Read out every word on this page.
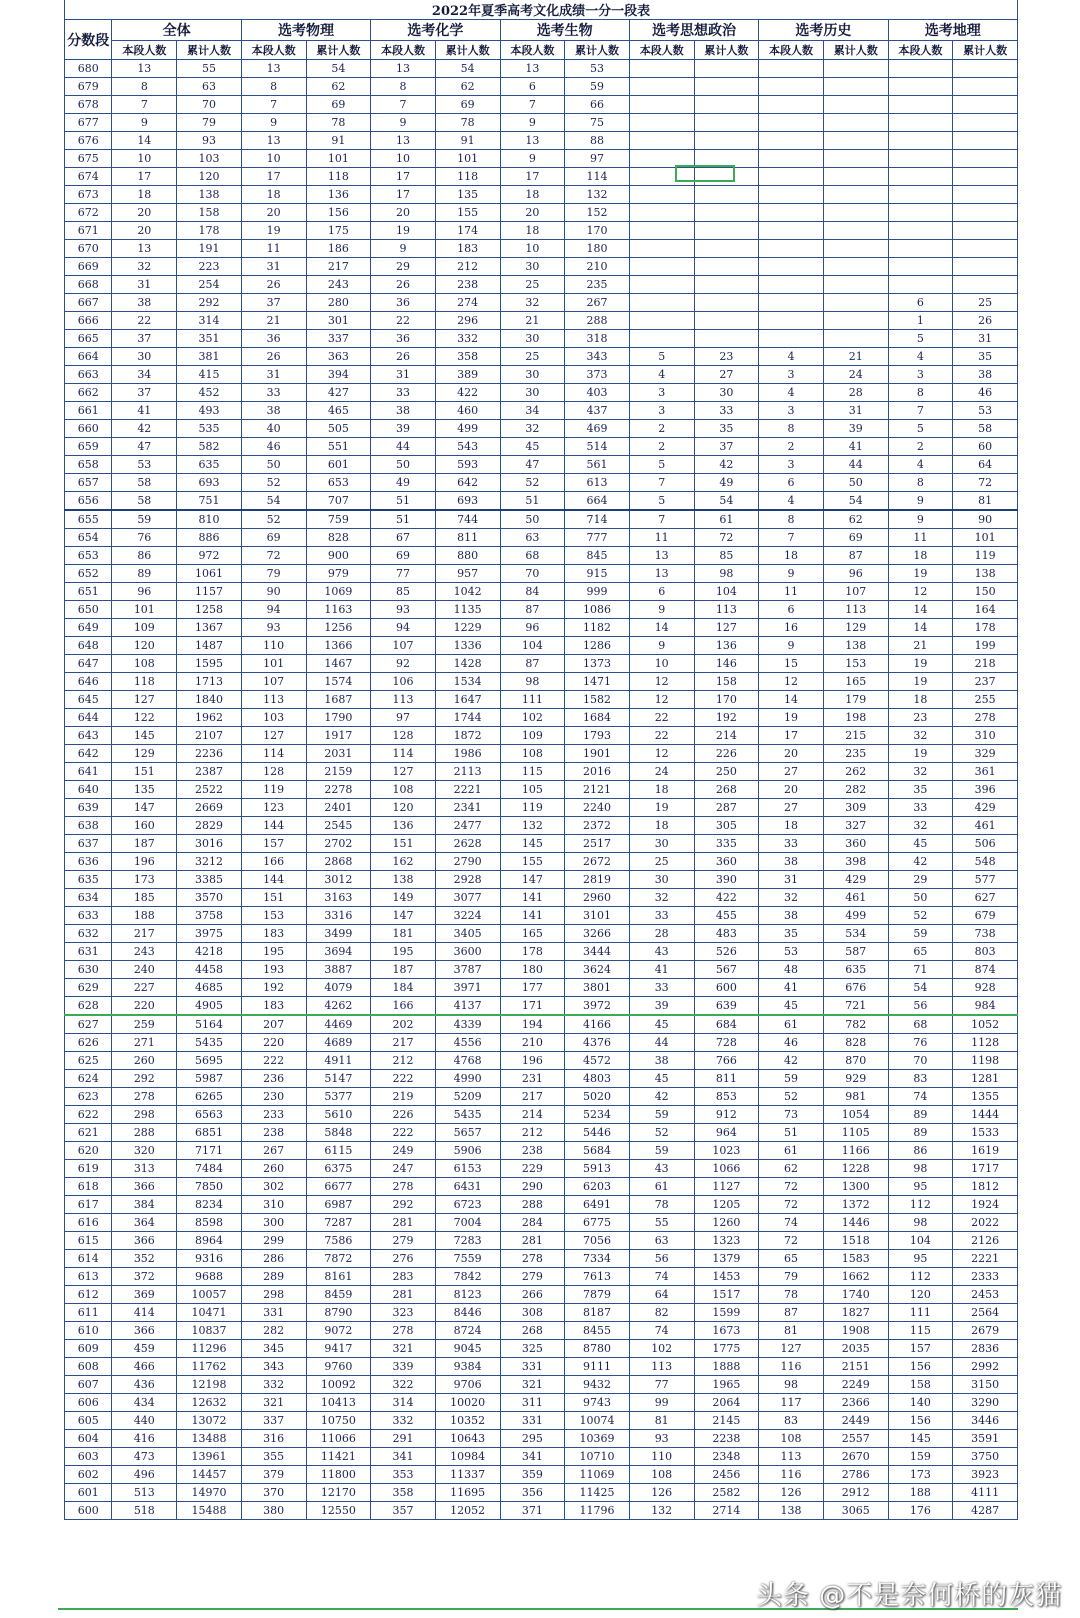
2022年夏季高考文化成绩一分一段表														
分数段	全体		选考物理		选考化学		选考生物		选考思想政治		选考历史		选考地理	
	本段人数	累计人数	本段人数	累计人数	本段人数	累计人数	本段人数	累计人数	本段人数	累计人数	本段人数	累计人数	本段人数	累计人数
680	13	55	13	54	13	54	13	53						
679	8	63	8	62	8	62	6	59						
678	7	70	7	69	7	69	7	66						
677	9	79	9	78	9	78	9	75						
676	14	93	13	91	13	91	13	88						
675	10	103	10	101	10	101	9	97						
674	17	120	17	118	17	118	17	114						
673	18	138	18	136	17	135	18	132						
672	20	158	20	156	20	155	20	152						
671	20	178	19	175	19	174	18	170						
670	13	191	11	186	9	183	10	180						
669	32	223	31	217	29	212	30	210						
668	31	254	26	243	26	238	25	235						
667	38	292	37	280	36	274	32	267					6	25
666	22	314	21	301	22	296	21	288					1	26
665	37	351	36	337	36	332	30	318					5	31
664	30	381	26	363	26	358	25	343	5	23	4	21	4	35
663	34	415	31	394	31	389	30	373	4	27	3	24	3	38
662	37	452	33	427	33	422	30	403	3	30	4	28	8	46
661	41	493	38	465	38	460	34	437	3	33	3	31	7	53
660	42	535	40	505	39	499	32	469	2	35	8	39	5	58
659	47	582	46	551	44	543	45	514	2	37	2	41	2	60
658	53	635	50	601	50	593	47	561	5	42	3	44	4	64
657	58	693	52	653	49	642	52	613	7	49	6	50	8	72
656	58	751	54	707	51	693	51	664	5	54	4	54	9	81
655	59	810	52	759	51	744	50	714	7	61	8	62	9	90
654	76	886	69	828	67	811	63	777	11	72	7	69	11	101
653	86	972	72	900	69	880	68	845	13	85	18	87	18	119
652	89	1061	79	979	77	957	70	915	13	98	9	96	19	138
651	96	1157	90	1069	85	1042	84	999	6	104	11	107	12	150
650	101	1258	94	1163	93	1135	87	1086	9	113	6	113	14	164
649	109	1367	93	1256	94	1229	96	1182	14	127	16	129	14	178
648	120	1487	110	1366	107	1336	104	1286	9	136	9	138	21	199
647	108	1595	101	1467	92	1428	87	1373	10	146	15	153	19	218
646	118	1713	107	1574	106	1534	98	1471	12	158	12	165	19	237
645	127	1840	113	1687	113	1647	111	1582	12	170	14	179	18	255
644	122	1962	103	1790	97	1744	102	1684	22	192	19	198	23	278
643	145	2107	127	1917	128	1872	109	1793	22	214	17	215	32	310
642	129	2236	114	2031	114	1986	108	1901	12	226	20	235	19	329
641	151	2387	128	2159	127	2113	115	2016	24	250	27	262	32	361
640	135	2522	119	2278	108	2221	105	2121	18	268	20	282	35	396
639	147	2669	123	2401	120	2341	119	2240	19	287	27	309	33	429
638	160	2829	144	2545	136	2477	132	2372	18	305	18	327	32	461
637	187	3016	157	2702	151	2628	145	2517	30	335	33	360	45	506
636	196	3212	166	2868	162	2790	155	2672	25	360	38	398	42	548
635	173	3385	144	3012	138	2928	147	2819	30	390	31	429	29	577
634	185	3570	151	3163	149	3077	141	2960	32	422	32	461	50	627
633	188	3758	153	3316	147	3224	141	3101	33	455	38	499	52	679
632	217	3975	183	3499	181	3405	165	3266	28	483	35	534	59	738
631	243	4218	195	3694	195	3600	178	3444	43	526	53	587	65	803
630	240	4458	193	3887	187	3787	180	3624	41	567	48	635	71	874
629	227	4685	192	4079	184	3971	177	3801	33	600	41	676	54	928
628	220	4905	183	4262	166	4137	171	3972	39	639	45	721	56	984
627	259	5164	207	4469	202	4339	194	4166	45	684	61	782	68	1052
626	271	5435	220	4689	217	4556	210	4376	44	728	46	828	76	1128
625	260	5695	222	4911	212	4768	196	4572	38	766	42	870	70	1198
624	292	5987	236	5147	222	4990	231	4803	45	811	59	929	83	1281
623	278	6265	230	5377	219	5209	217	5020	42	853	52	981	74	1355
622	298	6563	233	5610	226	5435	214	5234	59	912	73	1054	89	1444
621	288	6851	238	5848	222	5657	212	5446	52	964	51	1105	89	1533
620	320	7171	267	6115	249	5906	238	5684	59	1023	61	1166	86	1619
619	313	7484	260	6375	247	6153	229	5913	43	1066	62	1228	98	1717
618	366	7850	302	6677	278	6431	290	6203	61	1127	72	1300	95	1812
617	384	8234	310	6987	292	6723	288	6491	78	1205	72	1372	112	1924
616	364	8598	300	7287	281	7004	284	6775	55	1260	74	1446	98	2022
615	366	8964	299	7586	279	7283	281	7056	63	1323	72	1518	104	2126
614	352	9316	286	7872	276	7559	278	7334	56	1379	65	1583	95	2221
613	372	9688	289	8161	283	7842	279	7613	74	1453	79	1662	112	2333
612	369	10057	298	8459	281	8123	266	7879	64	1517	78	1740	120	2453
611	414	10471	331	8790	323	8446	308	8187	82	1599	87	1827	111	2564
610	366	10837	282	9072	278	8724	268	8455	74	1673	81	1908	115	2679
609	459	11296	345	9417	321	9045	325	8780	102	1775	127	2035	157	2836
608	466	11762	343	9760	339	9384	331	9111	113	1888	116	2151	156	2992
607	436	12198	332	10092	322	9706	321	9432	77	1965	98	2249	158	3150
606	434	12632	321	10413	314	10020	311	9743	99	2064	117	2366	140	3290
605	440	13072	337	10750	332	10352	331	10074	81	2145	83	2449	156	3446
604	416	13488	316	11066	291	10643	295	10369	93	2238	108	2557	145	3591
603	473	13961	355	11421	341	10984	341	10710	110	2348	113	2670	159	3750
602	496	14457	379	11800	353	11337	359	11069	108	2456	116	2786	173	3923
601	513	14970	370	12170	358	11695	356	11425	126	2582	126	2912	188	4111
600	518	15488	380	12550	357	12052	371	11796	132	2714	138	3065	176	4287
头条 @不是奈何桥的灰猫
